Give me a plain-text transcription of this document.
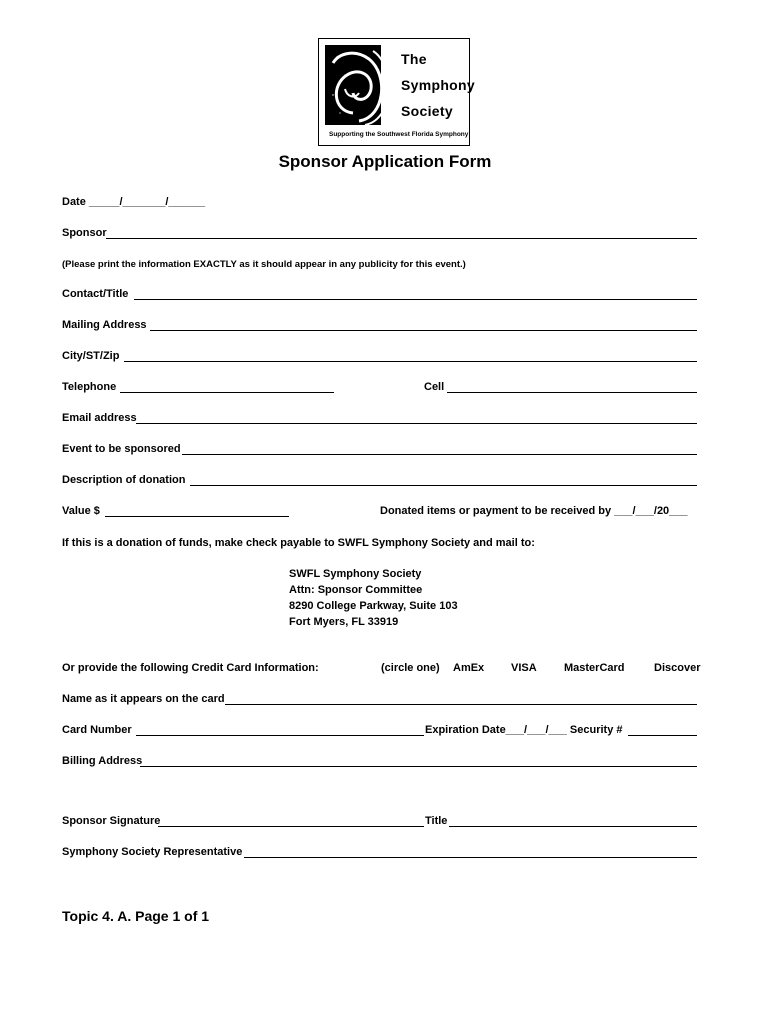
The
Symphony
Society
Supporting the Southwest Florida Symphony
Sponsor Application Form
Date _____/_______/______
Sponsor
(Please print the information EXACTLY as it should appear in any publicity for this event.)
Contact/Title
Mailing Address
City/ST/Zip
Telephone	Cell
Email address
Event to be sponsored
Description of donation
Value $	Donated items or payment to be received by ___/___/20___
If this is a donation of funds, make check payable to SWFL Symphony Society and mail to:
SWFL Symphony Society
Attn: Sponsor Committee
8290 College Parkway, Suite 103
Fort Myers, FL 33919
Or provide the following Credit Card Information:	(circle one) AmEx VISA MasterCard	Discover
Name as it appears on the card
Card Number	Expiration Date___/___/___ Security #
Billing Address
Sponsor Signature	Title
Symphony Society Representative
Topic 4. A. Page 1 of 1
